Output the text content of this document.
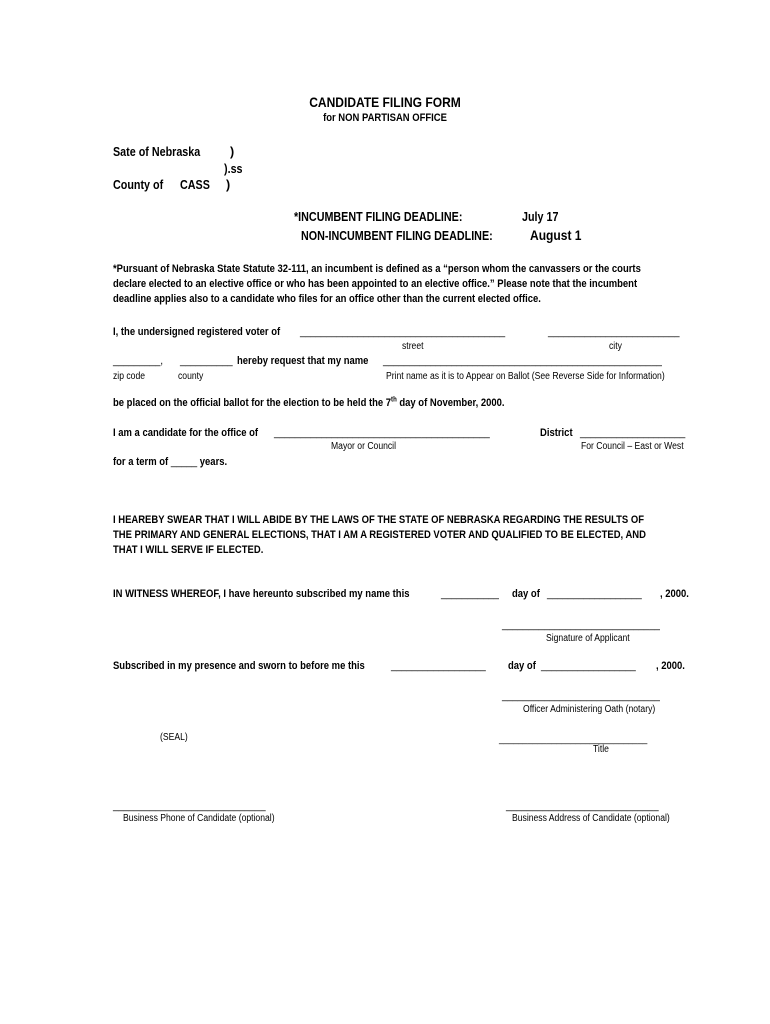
CANDIDATE FILING FORM
for NON PARTISAN OFFICE
Sate of Nebraska )
).ss
County of CASS )
*INCUMBENT FILING DEADLINE:	July 17
NON-INCUMBENT FILING DEADLINE:	August 1
*Pursuant of Nebraska State Statute 32-111, an incumbent is defined as a “person whom the canvassers or the courts
declare elected to an elective office or who has been appointed to an elective office.” Please note that the incumbent
deadline applies also to a candidate who files for an office other than the current elected office.
I, the undersigned registered voter of _______________________________________	_________________________
street	city
_________, __________ hereby request that my name _____________________________________________________
zip code	county	Print name as it is to Appear on Ballot (See Reverse Side for Information)
be placed on the official ballot for the election to be held the 7th day of November, 2000.
I am a candidate for the office of _________________________________________	District ____________________
Mayor or Council	For Council – East or West
for a term of _____ years.
I HEAREBY SWEAR THAT I WILL ABIDE BY THE LAWS OF THE STATE OF NEBRASKA REGARDING THE RESULTS OF
THE PRIMARY AND GENERAL ELECTIONS, THAT I AM A REGISTERED VOTER AND QUALIFIED TO BE ELECTED, AND
THAT I WILL SERVE IF ELECTED.
IN WITNESS WHEREOF, I have hereunto subscribed my name this	___________ day of __________________ , 2000.
______________________________
Signature of Applicant
Subscribed in my presence and sworn to before me this __________________ day of __________________ , 2000.
______________________________
Officer Administering Oath (notary)
(SEAL)	_______________________________
Title
_____________________________
Business Phone of Candidate (optional)
_____________________________
Business Address of Candidate (optional)
